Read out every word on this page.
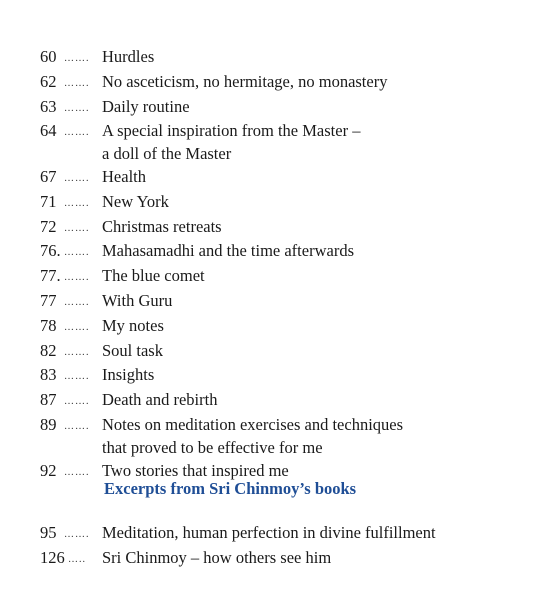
60 ……. Hurdles
62 ……. No asceticism, no hermitage, no monastery
63 ……. Daily routine
64 ……. A special inspiration from the Master –
a doll of the Master
67 ……. Health
71 ……. New York
72 ……. Christmas retreats
76. ……. Mahasamadhi and the time afterwards
77. ……. The blue comet
77 ……. With Guru
78 ……. My notes
82 ……. Soul task
83 ……. Insights
87 ……. Death and rebirth
89 ……. Notes on meditation exercises and techniques
that proved to be effective for me
92 ……. Two stories that inspired me
Excerpts from Sri Chinmoy’s books
95 ……. Meditation, human perfection in divine fulfillment
126 ….. Sri Chinmoy – how others see him
